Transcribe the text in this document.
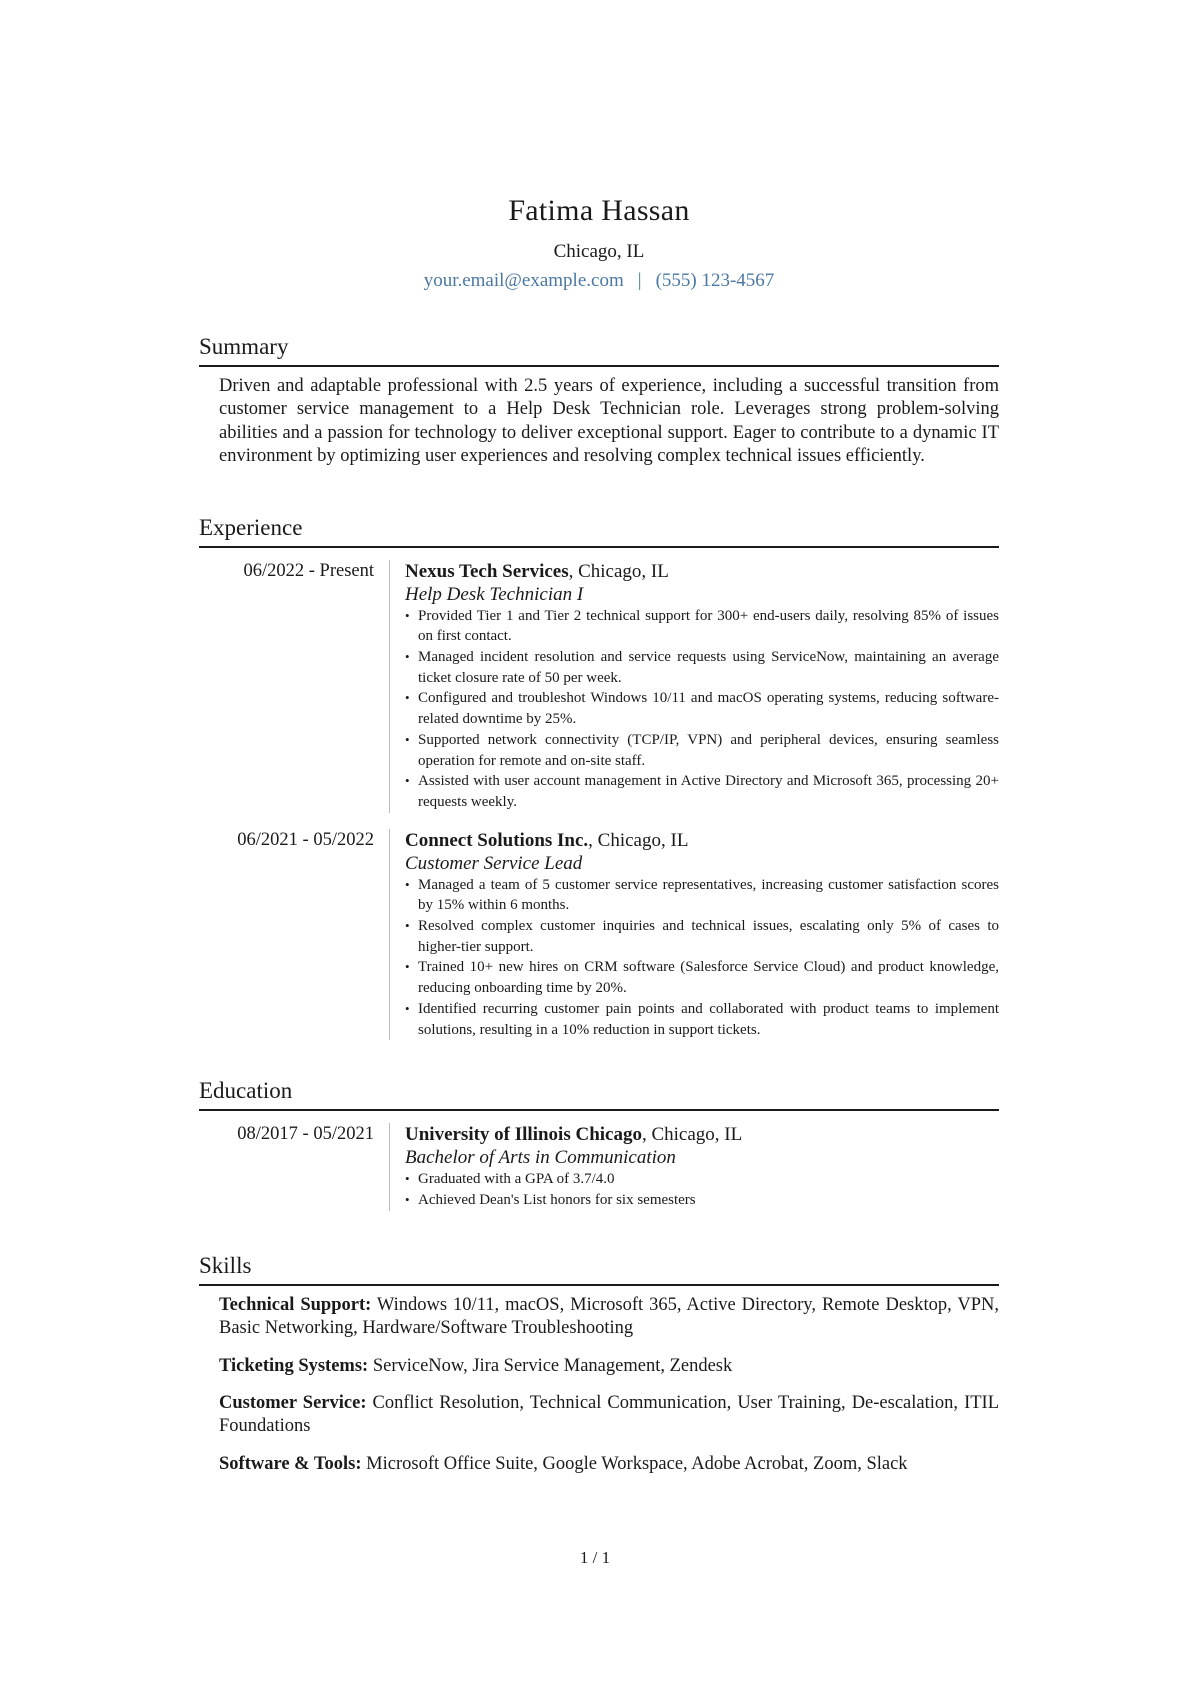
Fatima Hassan
Chicago, IL
your.email@example.com | (555) 123-4567
Summary

Driven and adaptable professional with 2.5 years of experience, including a successful transition from customer service management to a Help Desk Technician role. Leverages strong problem-solving abilities and a passion for technology to deliver exceptional support. Eager to contribute to a dynamic IT environment by optimizing user experiences and resolving complex technical issues efficiently.

Experience
06/2022 - Present	Nexus Tech Services, Chicago, IL
Help Desk Technician I
• Provided Tier 1 and Tier 2 technical support for 300+ end-users daily, resolving 85% of issues on first contact.
• Managed incident resolution and service requests using ServiceNow, maintaining an average ticket closure rate of 50 per week.
• Configured and troubleshot Windows 10/11 and macOS operating systems, reducing software-related downtime by 25%.
• Supported network connectivity (TCP/IP, VPN) and peripheral devices, ensuring seamless operation for remote and on-site staff.
• Assisted with user account management in Active Directory and Microsoft 365, processing 20+ requests weekly.
06/2021 - 05/2022	Connect Solutions Inc., Chicago, IL
Customer Service Lead
• Managed a team of 5 customer service representatives, increasing customer satisfaction scores by 15% within 6 months.
• Resolved complex customer inquiries and technical issues, escalating only 5% of cases to higher-tier support.
• Trained 10+ new hires on CRM software (Salesforce Service Cloud) and product knowledge, reducing onboarding time by 20%.
• Identified recurring customer pain points and collaborated with product teams to implement solutions, resulting in a 10% reduction in support tickets.
Education
08/2017 - 05/2021	University of Illinois Chicago, Chicago, IL
Bachelor of Arts in Communication
• Graduated with a GPA of 3.7/4.0
• Achieved Dean's List honors for six semesters
Skills

Technical Support: Windows 10/11, macOS, Microsoft 365, Active Directory, Remote Desktop, VPN, Basic Networking, Hardware/Software Troubleshooting

Ticketing Systems: ServiceNow, Jira Service Management, Zendesk

Customer Service: Conflict Resolution, Technical Communication, User Training, De-escalation, ITIL Foundations

Software & Tools: Microsoft Office Suite, Google Workspace, Adobe Acrobat, Zoom, Slack

1 / 1
